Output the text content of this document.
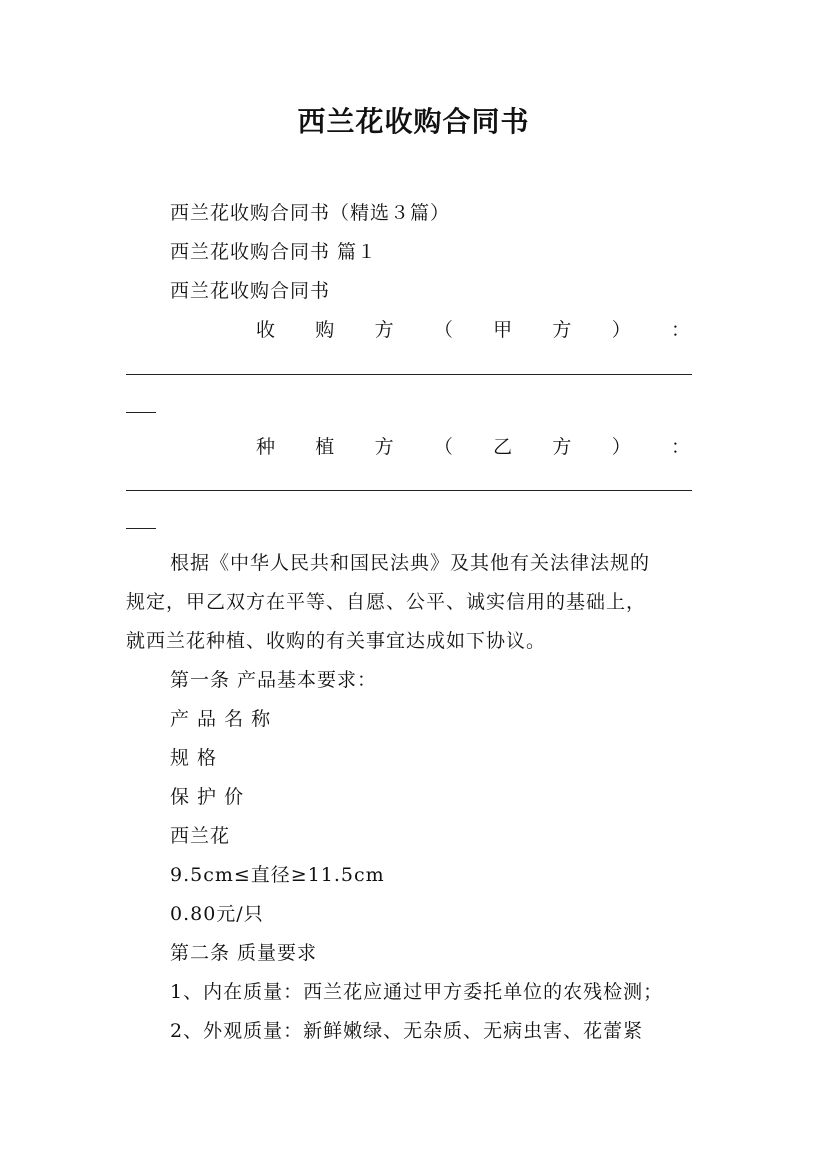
西兰花收购合同书
西兰花收购合同书（精选３篇）
西兰花收购合同书 篇１
西兰花收购合同书
收 购 方 （ 甲 方 ） ：
种 植 方 （ 乙 方 ） ：
根据《中华人民共和国民法典》及其他有关法律法规的
规定，甲乙双方在平等、自愿、公平、诚实信用的基础上，
就西兰花种植、收购的有关事宜达成如下协议。
第一条 产品基本要求：
产 品 名 称
规 格
保 护 价
西兰花
9.5cm≤直径≥11.5cm
0.80元/只
第二条 质量要求
1、内在质量：西兰花应通过甲方委托单位的农残检测；
2、外观质量：新鲜嫩绿、无杂质、无病虫害、花蕾紧
